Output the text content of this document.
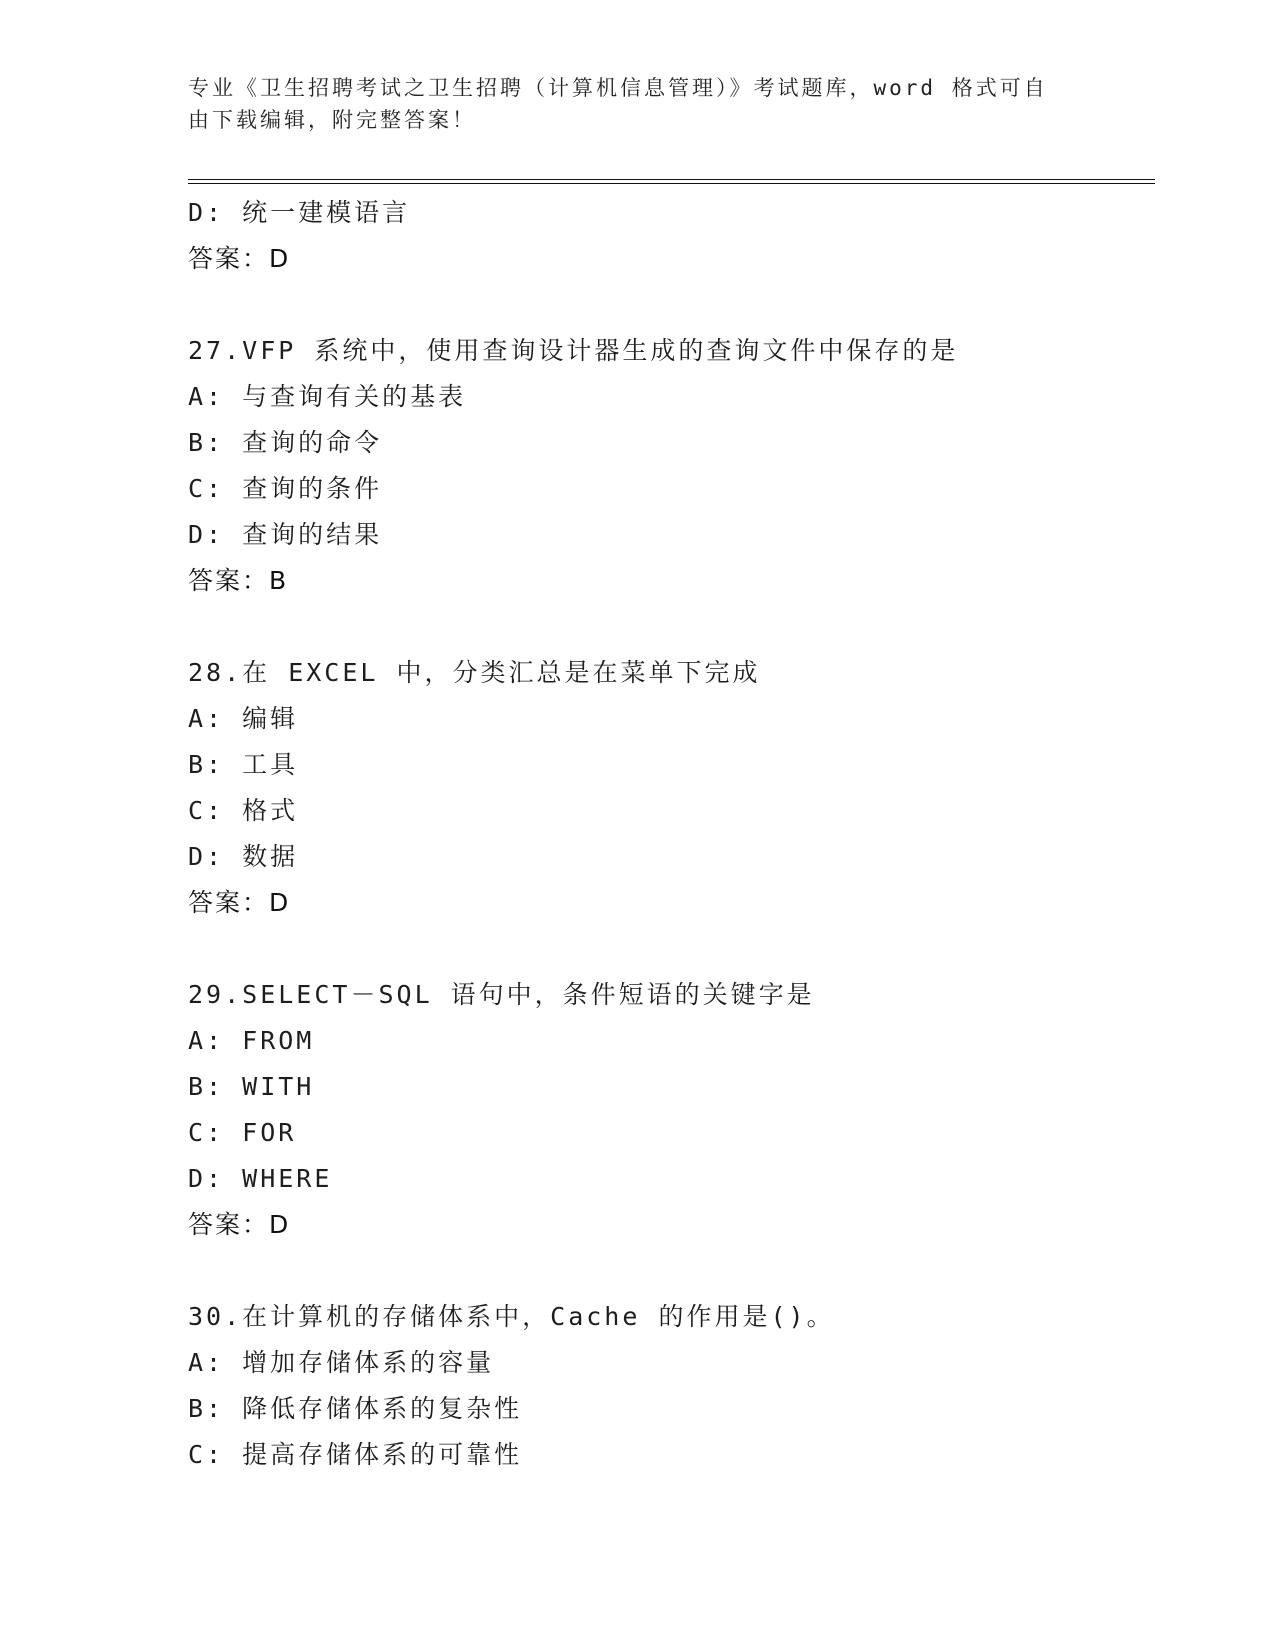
专业《卫生招聘考试之卫生招聘（计算机信息管理）》考试题库，word 格式可自
由下载编辑，附完整答案！
D: 统一建模语言
答案：D
27.VFP 系统中，使用查询设计器生成的查询文件中保存的是
A: 与查询有关的基表
B: 查询的命令
C: 查询的条件
D: 查询的结果
答案：B
28.在 EXCEL 中，分类汇总是在菜单下完成
A: 编辑
B: 工具
C: 格式
D: 数据
答案：D
29.SELECT－SQL 语句中，条件短语的关键字是
A: FROM
B: WITH
C: FOR
D: WHERE
答案：D
30.在计算机的存储体系中，Cache 的作用是()。
A: 增加存储体系的容量
B: 降低存储体系的复杂性
C: 提高存储体系的可靠性
